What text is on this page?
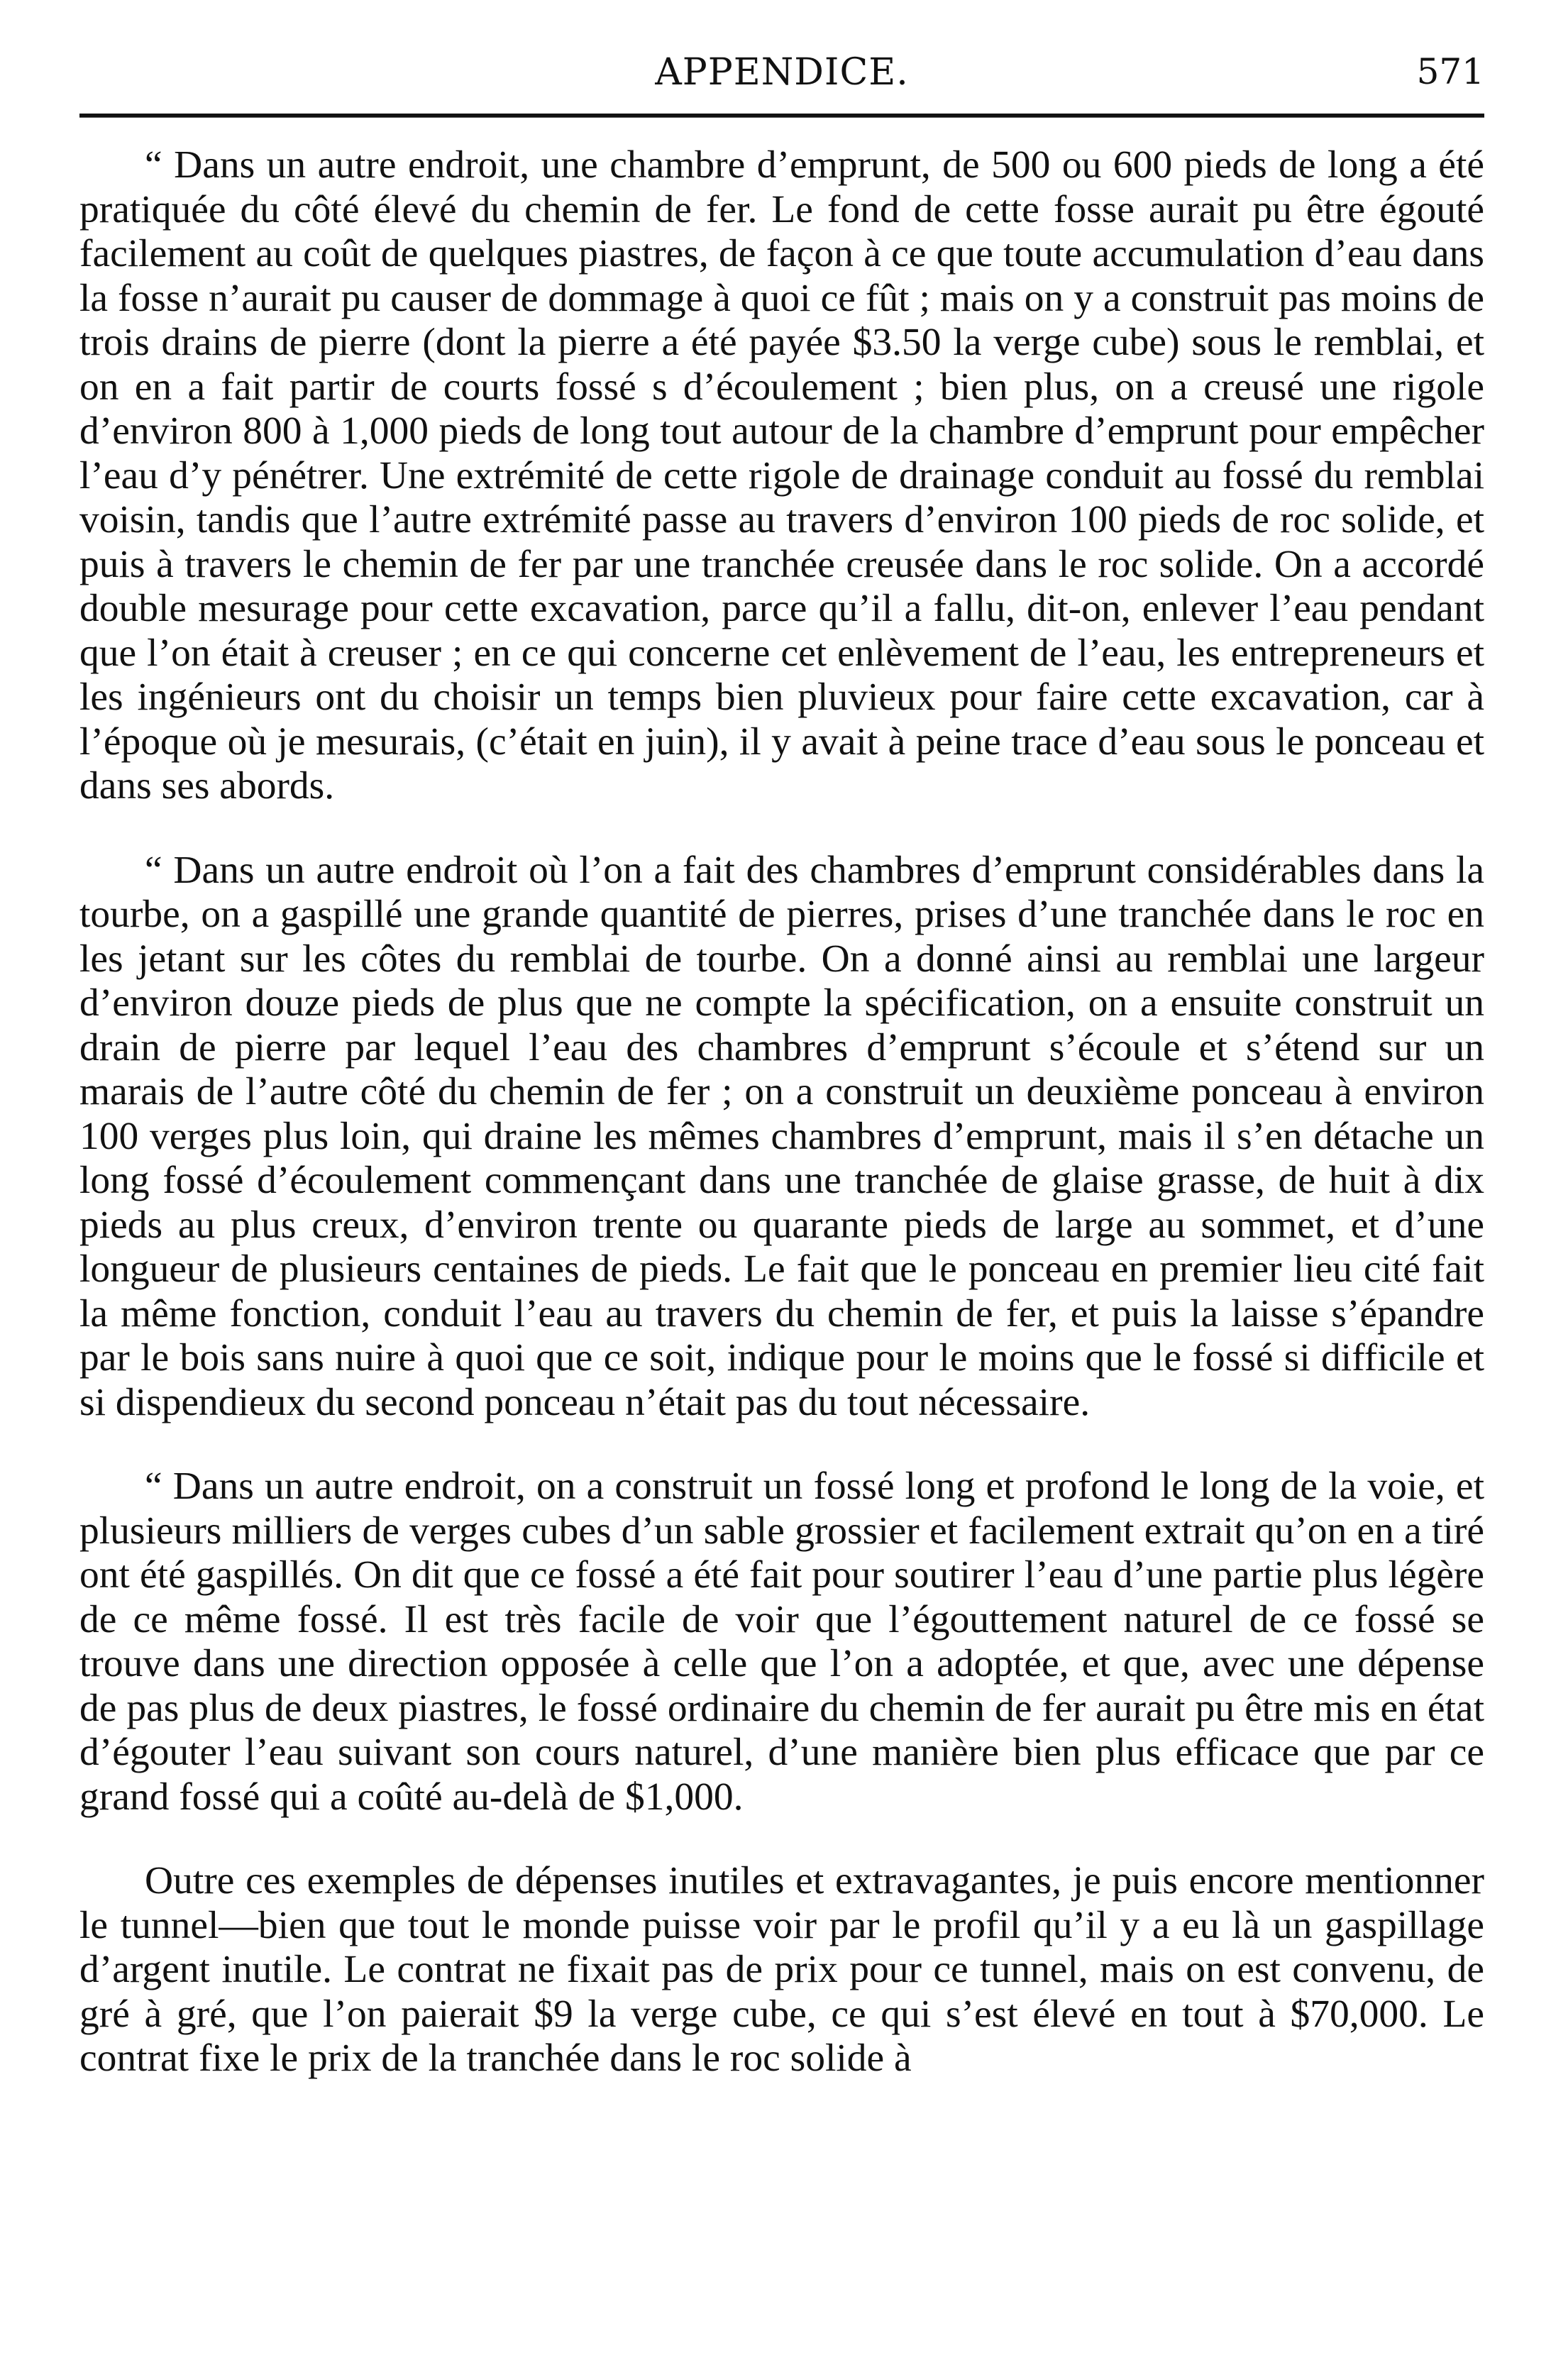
APPENDICE.	571

“ Dans un autre endroit, une chambre d’emprunt, de 500 ou 600 pieds de long a été pratiquée du côté élevé du chemin de fer. Le fond de cette fosse aurait pu être égouté facilement au coût de quelques piastres, de façon à ce que toute accumulation d’eau dans la fosse n’aurait pu causer de dommage à quoi ce fût ; mais on y a construit pas moins de trois drains de pierre (dont la pierre a été payée $3.50 la verge cube) sous le remblai, et on en a fait partir de courts fossé s d’écoulement ; bien plus, on a creusé une rigole d’environ 800 à 1,000 pieds de long tout autour de la chambre d’emprunt pour empêcher l’eau d’y pénétrer. Une extrémité de cette rigole de drainage conduit au fossé du remblai voisin, tandis que l’autre extrémité passe au travers d’environ 100 pieds de roc solide, et puis à travers le chemin de fer par une tranchée creusée dans le roc solide. On a accordé double mesurage pour cette excavation, parce qu’il a fallu, dit-on, enlever l’eau pendant que l’on était à creuser ; en ce qui concerne cet enlèvement de l’eau, les entrepreneurs et les ingénieurs ont du choisir un temps bien pluvieux pour faire cette excavation, car à l’époque où je mesurais, (c’était en juin), il y avait à peine trace d’eau sous le ponceau et dans ses abords.

“ Dans un autre endroit où l’on a fait des chambres d’emprunt considérables dans la tourbe, on a gaspillé une grande quantité de pierres, prises d’une tranchée dans le roc en les jetant sur les côtes du remblai de tourbe. On a donné ainsi au remblai une largeur d’environ douze pieds de plus que ne compte la spécification, on a ensuite construit un drain de pierre par lequel l’eau des chambres d’emprunt s’écoule et s’étend sur un marais de l’autre côté du chemin de fer ; on a construit un deuxième ponceau à environ 100 verges plus loin, qui draine les mêmes chambres d’emprunt, mais il s’en détache un long fossé d’écoulement commençant dans une tranchée de glaise grasse, de huit à dix pieds au plus creux, d’environ trente ou quarante pieds de large au sommet, et d’une longueur de plusieurs centaines de pieds. Le fait que le ponceau en premier lieu cité fait la même fonction, conduit l’eau au travers du chemin de fer, et puis la laisse s’épandre par le bois sans nuire à quoi que ce soit, indique pour le moins que le fossé si difficile et si dispendieux du second ponceau n’était pas du tout nécessaire.

“ Dans un autre endroit, on a construit un fossé long et profond le long de la voie, et plusieurs milliers de verges cubes d’un sable grossier et facilement extrait qu’on en a tiré ont été gaspillés. On dit que ce fossé a été fait pour soutirer l’eau d’une partie plus légère de ce même fossé. Il est très facile de voir que l’égouttement naturel de ce fossé se trouve dans une direction opposée à celle que l’on a adoptée, et que, avec une dépense de pas plus de deux piastres, le fossé ordinaire du chemin de fer aurait pu être mis en état d’égouter l’eau suivant son cours naturel, d’une manière bien plus efficace que par ce grand fossé qui a coûté au-delà de $1,000.

Outre ces exemples de dépenses inutiles et extravagantes, je puis encore mentionner le tunnel—bien que tout le monde puisse voir par le profil qu’il y a eu là un gaspillage d’argent inutile. Le contrat ne fixait pas de prix pour ce tunnel, mais on est convenu, de gré à gré, que l’on paierait $9 la verge cube, ce qui s’est élevé en tout à $70,000. Le contrat fixe le prix de la tranchée dans le roc solide à
